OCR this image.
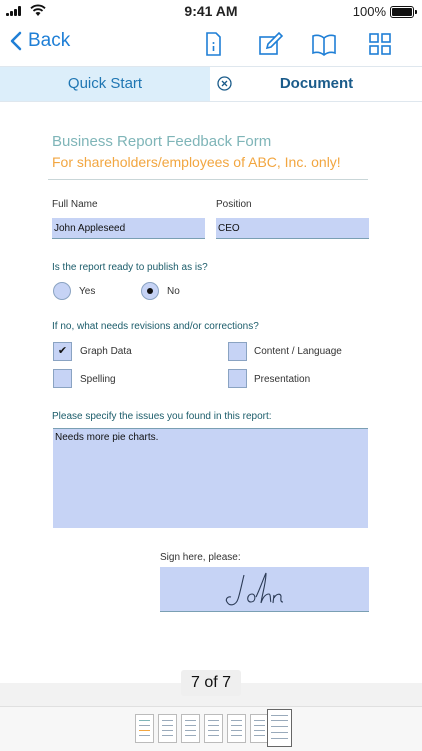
9:41 AM	100%
Back
Quick Start	Document
Business Report Feedback Form
For shareholders/employees of ABC, Inc. only!
Full Name
John Appleseed
Position
CEO
Is the report ready to publish as is?
Yes	No
If no, what needs revisions and/or corrections?
✔	Graph Data	Content / Language
Spelling	Presentation
Please specify the issues you found in this report:
Needs more pie charts.
Sign here, please:
7 of 7
